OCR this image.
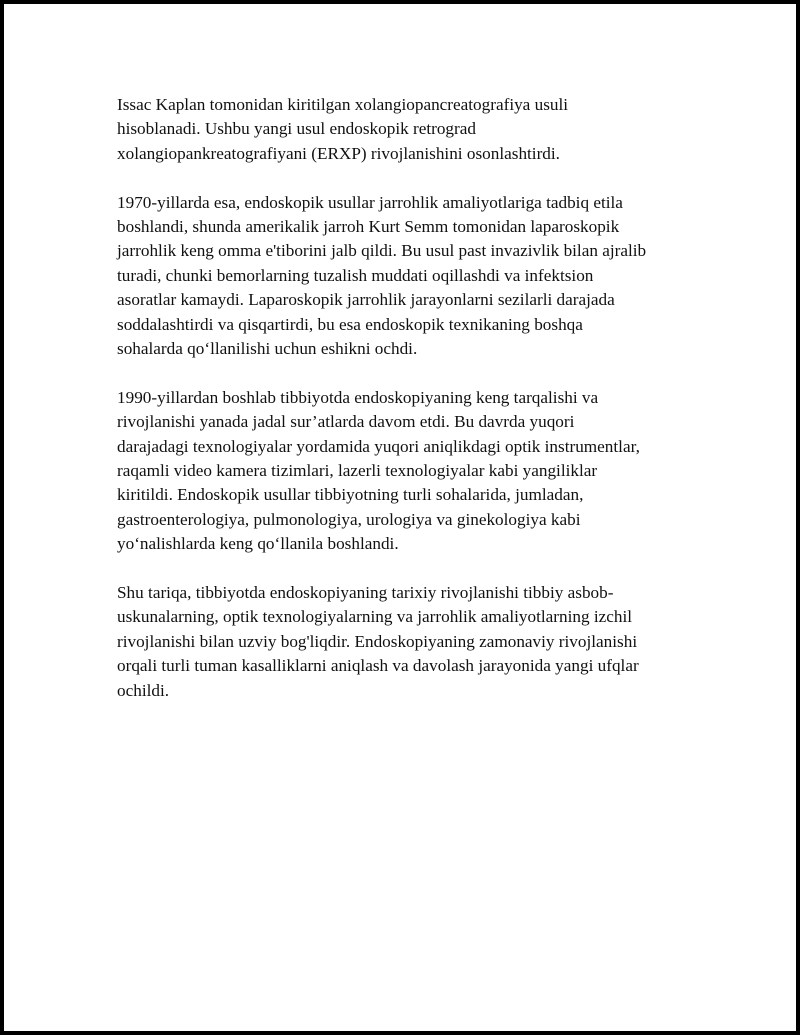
Issac Kaplan tomonidan kiritilgan xolangiopancreatografiya usuli
hisoblanadi. Ushbu yangi usul endoskopik retrograd
xolangiopankreatografiyani (ERXP) rivojlanishini osonlashtirdi.

1970-yillarda esa, endoskopik usullar jarrohlik amaliyotlariga tadbiq etila
boshlandi, shunda amerikalik jarroh Kurt Semm tomonidan laparoskopik
jarrohlik keng omma e'tiborini jalb qildi. Bu usul past invazivlik bilan ajralib
turadi, chunki bemorlarning tuzalish muddati oqillashdi va infektsion
asoratlar kamaydi. Laparoskopik jarrohlik jarayonlarni sezilarli darajada
soddalashtirdi va qisqartirdi, bu esa endoskopik texnikaning boshqa
sohalarda qo‘llanilishi uchun eshikni ochdi.

1990-yillardan boshlab tibbiyotda endoskopiyaning keng tarqalishi va
rivojlanishi yanada jadal sur’atlarda davom etdi. Bu davrda yuqori
darajadagi texnologiyalar yordamida yuqori aniqlikdagi optik instrumentlar,
raqamli video kamera tizimlari, lazerli texnologiyalar kabi yangiliklar
kiritildi. Endoskopik usullar tibbiyotning turli sohalarida, jumladan,
gastroenterologiya, pulmonologiya, urologiya va ginekologiya kabi
yo‘nalishlarda keng qo‘llanila boshlandi.

Shu tariqa, tibbiyotda endoskopiyaning tarixiy rivojlanishi tibbiy asbob-
uskunalarning, optik texnologiyalarning va jarrohlik amaliyotlarning izchil
rivojlanishi bilan uzviy bog'liqdir. Endoskopiyaning zamonaviy rivojlanishi
orqali turli tuman kasalliklarni aniqlash va davolash jarayonida yangi ufqlar
ochildi.
